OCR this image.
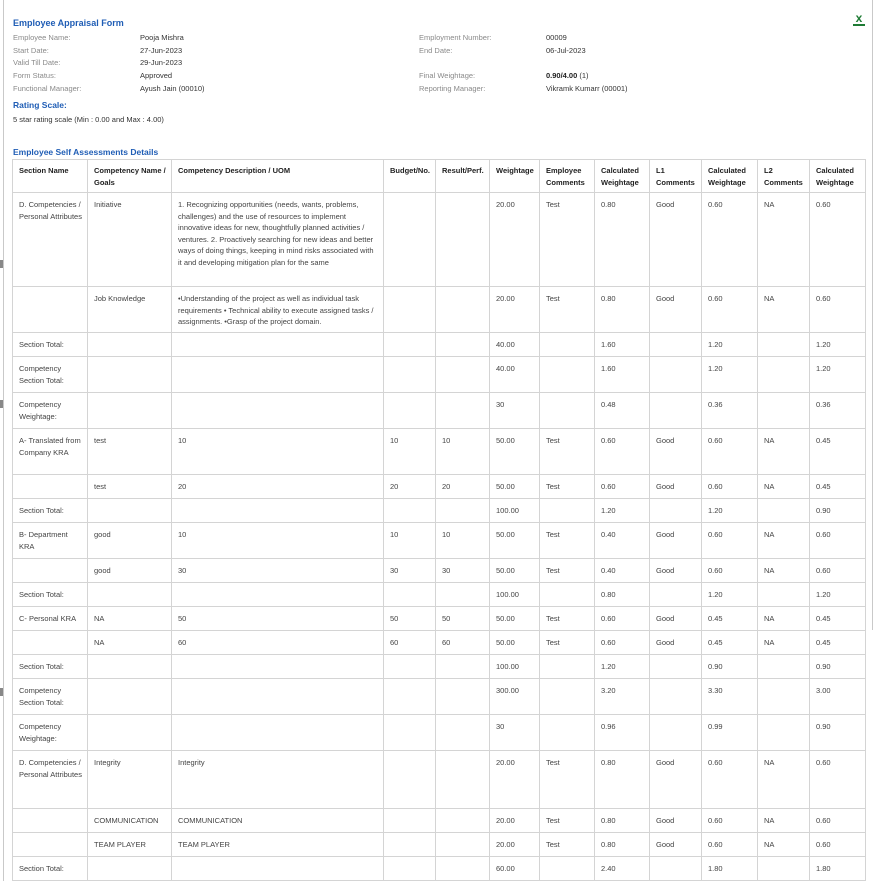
x
Employee Appraisal Form
Employee Name:	Pooja Mishra	Employment Number:	00009
Start Date:	27-Jun-2023	End Date:	06-Jul-2023
Valid Till Date:	29-Jun-2023
Form Status:	Approved	Final Weightage:	0.90/4.00 (1)
Functional Manager:	Ayush Jain (00010)	Reporting Manager:	Vikramk Kumarr (00001)
Rating Scale:
5 star rating scale (Min : 0.00 and Max : 4.00)
Employee Self Assessments Details
Section Name	Competency Name / Goals	Competency Description / UOM	Budget/No.	Result/Perf.	Weightage	Employee Comments	Calculated Weightage	L1 Comments	Calculated Weightage	L2 Comments	Calculated Weightage
D. Competencies / Personal Attributes	Initiative	1. Recognizing opportunities (needs, wants, problems, challenges) and the use of resources to implement innovative ideas for new, thoughtfully planned activities / ventures. 2. Proactively searching for new ideas and better ways of doing things, keeping in mind risks associated with it and developing mitigation plan for the same			20.00	Test	0.80	Good	0.60	NA	0.60
	Job Knowledge	•Understanding of the project as well as individual task requirements • Technical ability to execute assigned tasks / assignments. •Grasp of the project domain.			20.00	Test	0.80	Good	0.60	NA	0.60
Section Total:					40.00		1.60		1.20		1.20
Competency Section Total:					40.00		1.60		1.20		1.20
Competency Weightage:					30		0.48		0.36		0.36
A- Translated from Company KRA	test	10	10	10	50.00	Test	0.60	Good	0.60	NA	0.45
	test	20	20	20	50.00	Test	0.60	Good	0.60	NA	0.45
Section Total:					100.00		1.20		1.20		0.90
B- Department KRA	good	10	10	10	50.00	Test	0.40	Good	0.60	NA	0.60
	good	30	30	30	50.00	Test	0.40	Good	0.60	NA	0.60
Section Total:					100.00		0.80		1.20		1.20
C- Personal KRA	NA	50	50	50	50.00	Test	0.60	Good	0.45	NA	0.45
	NA	60	60	60	50.00	Test	0.60	Good	0.45	NA	0.45
Section Total:					100.00		1.20		0.90		0.90
Competency Section Total:					300.00		3.20		3.30		3.00
Competency Weightage:					30		0.96		0.99		0.90
D. Competencies / Personal Attributes	Integrity	Integrity			20.00	Test	0.80	Good	0.60	NA	0.60
	COMMUNICATION	COMMUNICATION			20.00	Test	0.80	Good	0.60	NA	0.60
	TEAM PLAYER	TEAM PLAYER			20.00	Test	0.80	Good	0.60	NA	0.60
Section Total:					60.00		2.40		1.80		1.80
